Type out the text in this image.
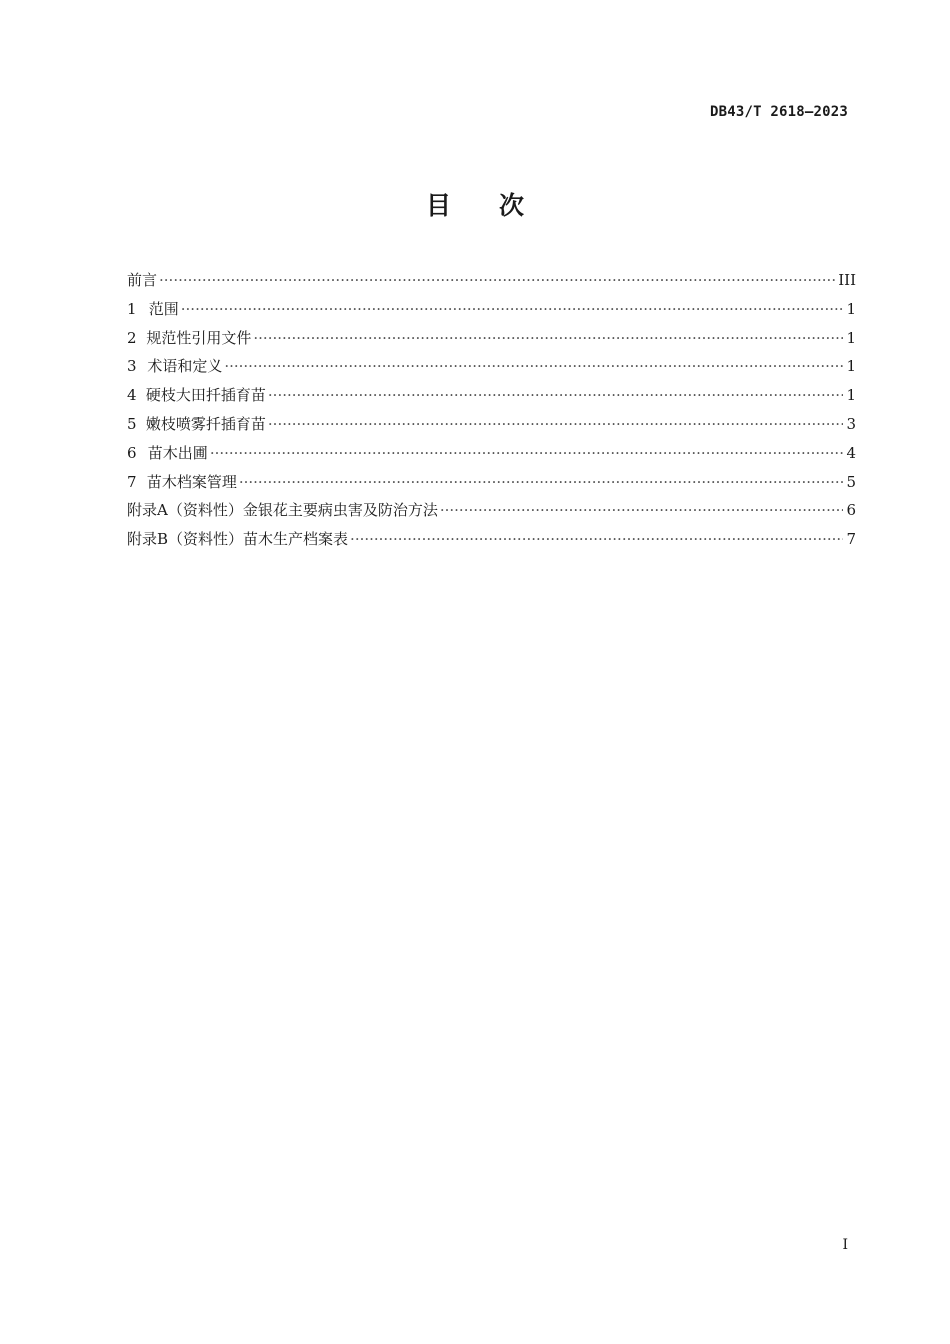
DB43/T 2618—2023
目次
前言 ·····	III
1 范围 ·····	1
2 规范性引用文件 ·····	1
3 术语和定义 ·····	1
4 硬枝大田扦插育苗 ·····	1
5 嫩枝喷雾扦插育苗 ·····	3
6 苗木出圃 ·····	4
7 苗木档案管理 ·····	5
附录A（资料性） 金银花主要病虫害及防治方法 ·····	6
附录B（资料性） 苗木生产档案表 ·····	7
I
